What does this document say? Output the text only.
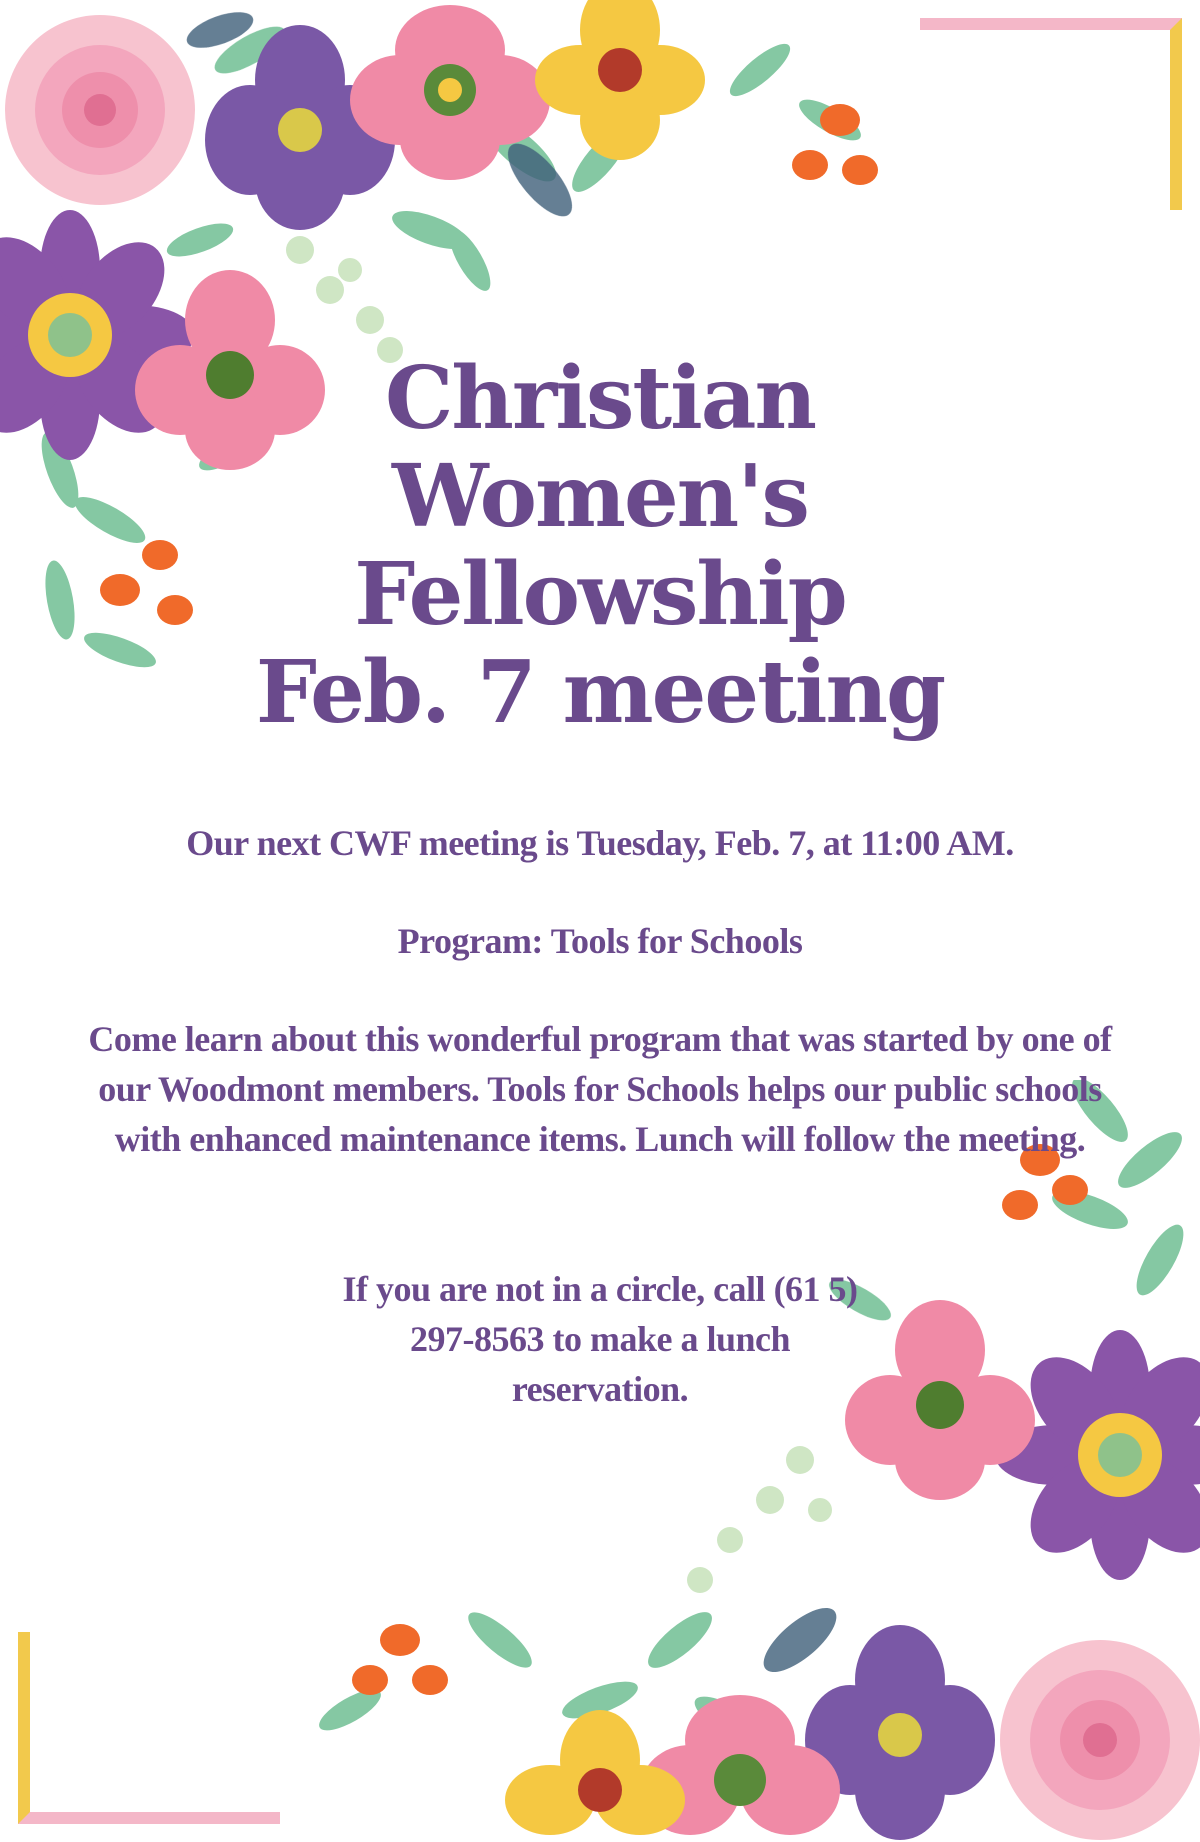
Christian
Women's
Fellowship
Feb. 7 meeting
Our next CWF meeting is Tuesday, Feb. 7, at 11:00 AM.
Program: Tools for Schools
Come learn about this wonderful program that was started by one of our Woodmont members. Tools for Schools helps our public schools with enhanced maintenance items. Lunch will follow the meeting.
If you are not in a circle, call (61 5) 297-8563 to make a lunch reservation.
